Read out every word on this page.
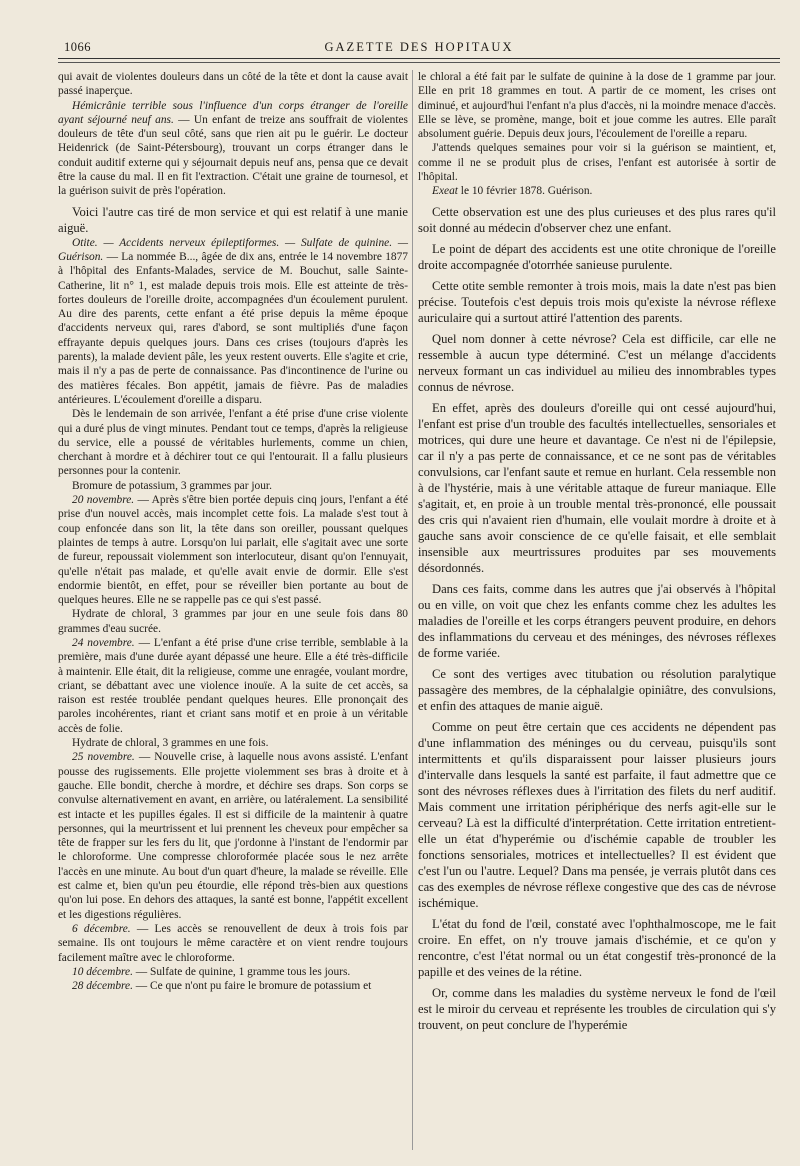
1066	GAZETTE DES HOPITAUX

qui avait de violentes douleurs dans un côté de la tête et dont la cause avait passé inaperçue.

Hémicrânie terrible sous l'influence d'un corps étranger de l'oreille ayant séjourné neuf ans. — Un enfant de treize ans souffrait de violentes douleurs de tête d'un seul côté, sans que rien ait pu le guérir. Le docteur Heidenrick (de Saint-Pétersbourg), trouvant un corps étranger dans le conduit auditif externe qui y séjournait depuis neuf ans, pensa que ce devait être la cause du mal. Il en fit l'extraction. C'était une graine de tournesol, et la guérison suivit de près l'opération.

Voici l'autre cas tiré de mon service et qui est relatif à une manie aiguë.

Otite. — Accidents nerveux épileptiformes. — Sulfate de quinine. — Guérison. — La nommée B..., âgée de dix ans, entrée le 14 novembre 1877 à l'hôpital des Enfants-Malades, service de M. Bouchut, salle Sainte-Catherine, lit n° 1, est malade depuis trois mois. Elle est atteinte de très-fortes douleurs de l'oreille droite, accompagnées d'un écoulement purulent. Au dire des parents, cette enfant a été prise depuis la même époque d'accidents nerveux qui, rares d'abord, se sont multipliés d'une façon effrayante depuis quelques jours. Dans ces crises (toujours d'après les parents), la malade devient pâle, les yeux restent ouverts. Elle s'agite et crie, mais il n'y a pas de perte de connaissance. Pas d'incontinence de l'urine ou des matières fécales. Bon appétit, jamais de fièvre. Pas de maladies antérieures. L'écoulement d'oreille a disparu.

Dès le lendemain de son arrivée, l'enfant a été prise d'une crise violente qui a duré plus de vingt minutes. Pendant tout ce temps, d'après la religieuse du service, elle a poussé de véritables hurlements, comme un chien, cherchant à mordre et à déchirer tout ce qui l'entourait. Il a fallu plusieurs personnes pour la contenir.

Bromure de potassium, 3 grammes par jour.

20 novembre. — Après s'être bien portée depuis cinq jours, l'enfant a été prise d'un nouvel accès, mais incomplet cette fois. La malade s'est tout à coup enfoncée dans son lit, la tête dans son oreiller, poussant quelques plaintes de temps à autre. Lorsqu'on lui parlait, elle s'agitait avec une sorte de fureur, repoussait violemment son interlocuteur, disant qu'on l'ennuyait, qu'elle n'était pas malade, et qu'elle avait envie de dormir. Elle s'est endormie bientôt, en effet, pour se réveiller bien portante au bout de quelques heures. Elle ne se rappelle pas ce qui s'est passé.

Hydrate de chloral, 3 grammes par jour en une seule fois dans 80 grammes d'eau sucrée.

24 novembre. — L'enfant a été prise d'une crise terrible, semblable à la première, mais d'une durée ayant dépassé une heure. Elle a été très-difficile à maintenir. Elle était, dit la religieuse, comme une enragée, voulant mordre, criant, se débattant avec une violence inouïe. A la suite de cet accès, sa raison est restée troublée pendant quelques heures. Elle prononçait des paroles incohérentes, riant et criant sans motif et en proie à un véritable accès de folie.

Hydrate de chloral, 3 grammes en une fois.

25 novembre. — Nouvelle crise, à laquelle nous avons assisté. L'enfant pousse des rugissements. Elle projette violemment ses bras à droite et à gauche. Elle bondit, cherche à mordre, et déchire ses draps. Son corps se convulse alternativement en avant, en arrière, ou latéralement. La sensibilité est intacte et les pupilles égales. Il est si difficile de la maintenir à quatre personnes, qui la meurtrissent et lui prennent les cheveux pour empêcher sa tête de frapper sur les fers du lit, que j'ordonne à l'instant de l'endormir par le chloroforme. Une compresse chloroformée placée sous le nez arrête l'accès en une minute. Au bout d'un quart d'heure, la malade se réveille. Elle est calme et, bien qu'un peu étourdie, elle répond très-bien aux questions qu'on lui pose. En dehors des attaques, la santé est bonne, l'appétit excellent et les digestions régulières.

6 décembre. — Les accès se renouvellent de deux à trois fois par semaine. Ils ont toujours le même caractère et on vient rendre toujours facilement maître avec le chloroforme.

10 décembre. — Sulfate de quinine, 1 gramme tous les jours.

28 décembre. — Ce que n'ont pu faire le bromure de potassium et

le chloral a été fait par le sulfate de quinine à la dose de 1 gramme par jour. Elle en prit 18 grammes en tout. A partir de ce moment, les crises ont diminué, et aujourd'hui l'enfant n'a plus d'accès, ni la moindre menace d'accès. Elle se lève, se promène, mange, boit et joue comme les autres. Elle paraît absolument guérie. Depuis deux jours, l'écoulement de l'oreille a reparu.

J'attends quelques semaines pour voir si la guérison se maintient, et, comme il ne se produit plus de crises, l'enfant est autorisée à sortir de l'hôpital.

Exeat le 10 février 1878. Guérison.

Cette observation est une des plus curieuses et des plus rares qu'il soit donné au médecin d'observer chez une enfant.

Le point de départ des accidents est une otite chronique de l'oreille droite accompagnée d'otorrhée sanieuse purulente.

Cette otite semble remonter à trois mois, mais la date n'est pas bien précise. Toutefois c'est depuis trois mois qu'existe la névrose réflexe auriculaire qui a surtout attiré l'attention des parents.

Quel nom donner à cette névrose? Cela est difficile, car elle ne ressemble à aucun type déterminé. C'est un mélange d'accidents nerveux formant un cas individuel au milieu des innombrables types connus de névrose.

En effet, après des douleurs d'oreille qui ont cessé aujourd'hui, l'enfant est prise d'un trouble des facultés intellectuelles, sensoriales et motrices, qui dure une heure et davantage. Ce n'est ni de l'épilepsie, car il n'y a pas perte de connaissance, et ce ne sont pas de véritables convulsions, car l'enfant saute et remue en hurlant. Cela ressemble non à de l'hystérie, mais à une véritable attaque de fureur maniaque. Elle s'agitait, et, en proie à un trouble mental très-prononcé, elle poussait des cris qui n'avaient rien d'humain, elle voulait mordre à droite et à gauche sans avoir conscience de ce qu'elle faisait, et elle semblait insensible aux meurtrissures produites par ses mouvements désordonnés.

Dans ces faits, comme dans les autres que j'ai observés à l'hôpital ou en ville, on voit que chez les enfants comme chez les adultes les maladies de l'oreille et les corps étrangers peuvent produire, en dehors des inflammations du cerveau et des méninges, des névroses réflexes de forme variée.

Ce sont des vertiges avec titubation ou résolution paralytique passagère des membres, de la céphalalgie opiniâtre, des convulsions, et enfin des attaques de manie aiguë.

Comme on peut être certain que ces accidents ne dépendent pas d'une inflammation des méninges ou du cerveau, puisqu'ils sont intermittents et qu'ils disparaissent pour laisser plusieurs jours d'intervalle dans lesquels la santé est parfaite, il faut admettre que ce sont des névroses réflexes dues à l'irritation des filets du nerf auditif. Mais comment une irritation périphérique des nerfs agit-elle sur le cerveau? Là est la difficulté d'interprétation. Cette irritation entretient-elle un état d'hyperémie ou d'ischémie capable de troubler les fonctions sensoriales, motrices et intellectuelles? Il est évident que c'est l'un ou l'autre. Lequel? Dans ma pensée, je verrais plutôt dans ces cas des exemples de névrose réflexe congestive que des cas de névrose ischémique.

L'état du fond de l'œil, constaté avec l'ophthalmoscope, me le fait croire. En effet, on n'y trouve jamais d'ischémie, et ce qu'on y rencontre, c'est l'état normal ou un état congestif très-prononcé de la papille et des veines de la rétine.

Or, comme dans les maladies du système nerveux le fond de l'œil est le miroir du cerveau et représente les troubles de circulation qui s'y trouvent, on peut conclure de l'hyperémie
